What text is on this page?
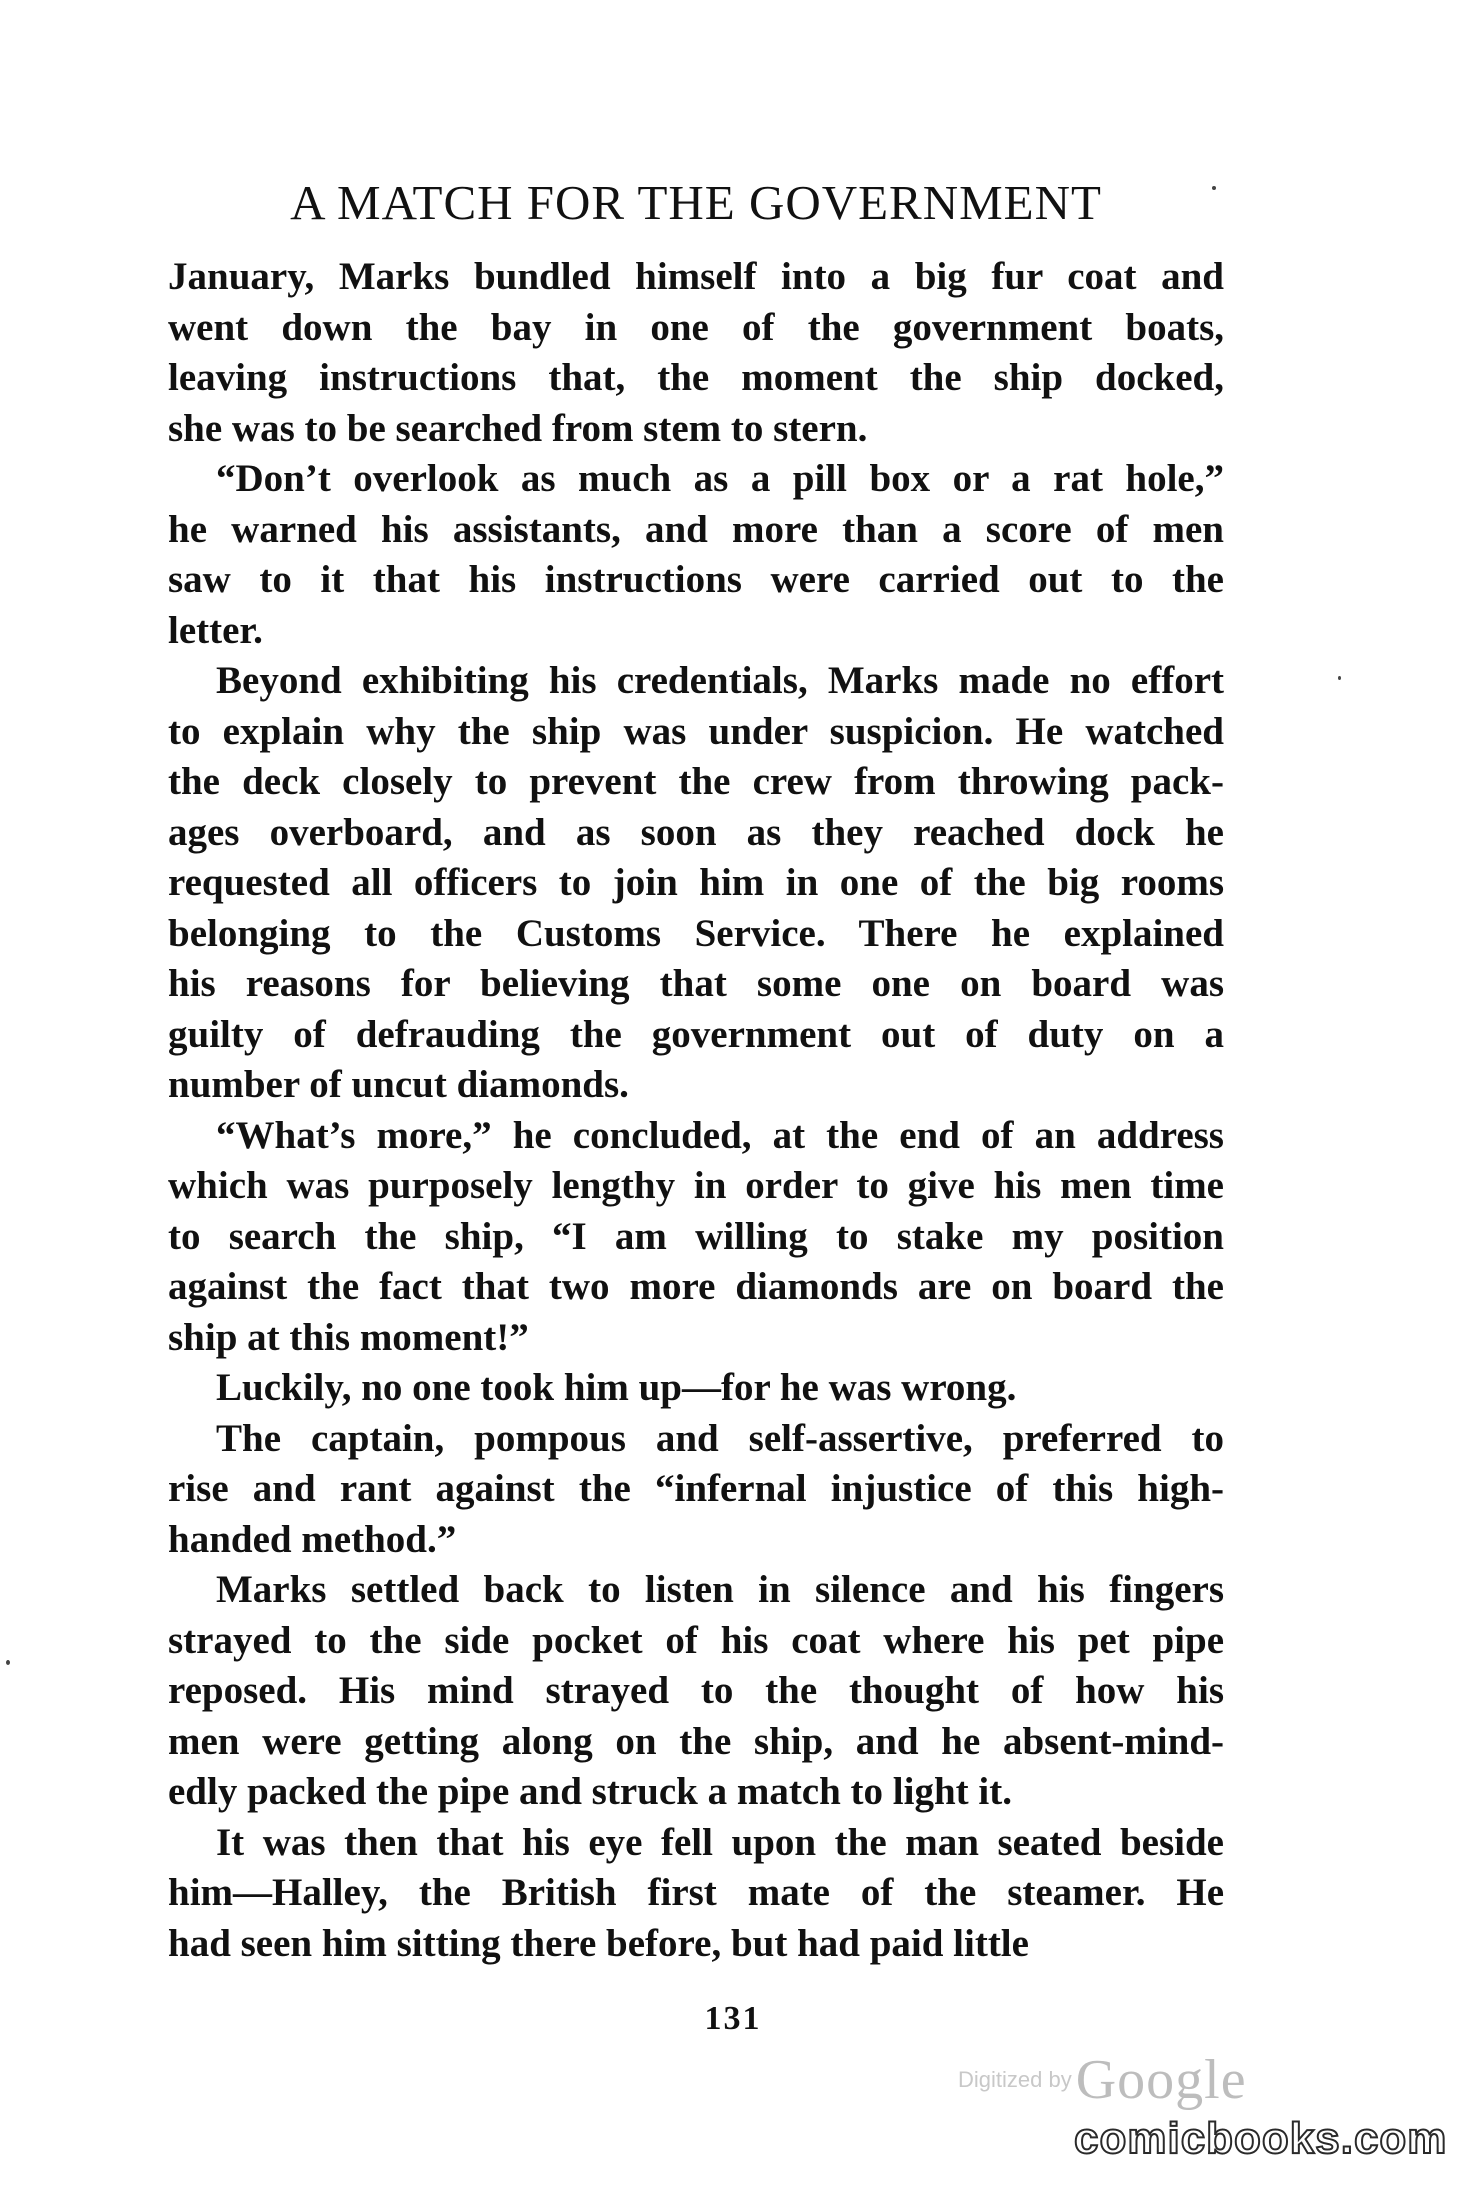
A MATCH FOR THE GOVERNMENT
January, Marks bundled himself into a big fur coat and
went down the bay in one of the government boats,
leaving instructions that, the moment the ship docked,
she was to be searched from stem to stern.
“Don’t overlook as much as a pill box or a rat hole,”
he warned his assistants, and more than a score of men
saw to it that his instructions were carried out to the
letter.
Beyond exhibiting his credentials, Marks made no effort
to explain why the ship was under suspicion. He watched
the deck closely to prevent the crew from throwing pack-
ages overboard, and as soon as they reached dock he
requested all officers to join him in one of the big rooms
belonging to the Customs Service. There he explained
his reasons for believing that some one on board was
guilty of defrauding the government out of duty on a
number of uncut diamonds.
“What’s more,” he concluded, at the end of an address
which was purposely lengthy in order to give his men time
to search the ship, “I am willing to stake my position
against the fact that two more diamonds are on board the
ship at this moment!”
Luckily, no one took him up—for he was wrong.
The captain, pompous and self-assertive, preferred to
rise and rant against the “infernal injustice of this high-
handed method.”
Marks settled back to listen in silence and his fingers
strayed to the side pocket of his coat where his pet pipe
reposed. His mind strayed to the thought of how his
men were getting along on the ship, and he absent-mind-
edly packed the pipe and struck a match to light it.
It was then that his eye fell upon the man seated beside
him—Halley, the British first mate of the steamer. He
had seen him sitting there before, but had paid little
131
Digitized by Google
comicbooks.com
